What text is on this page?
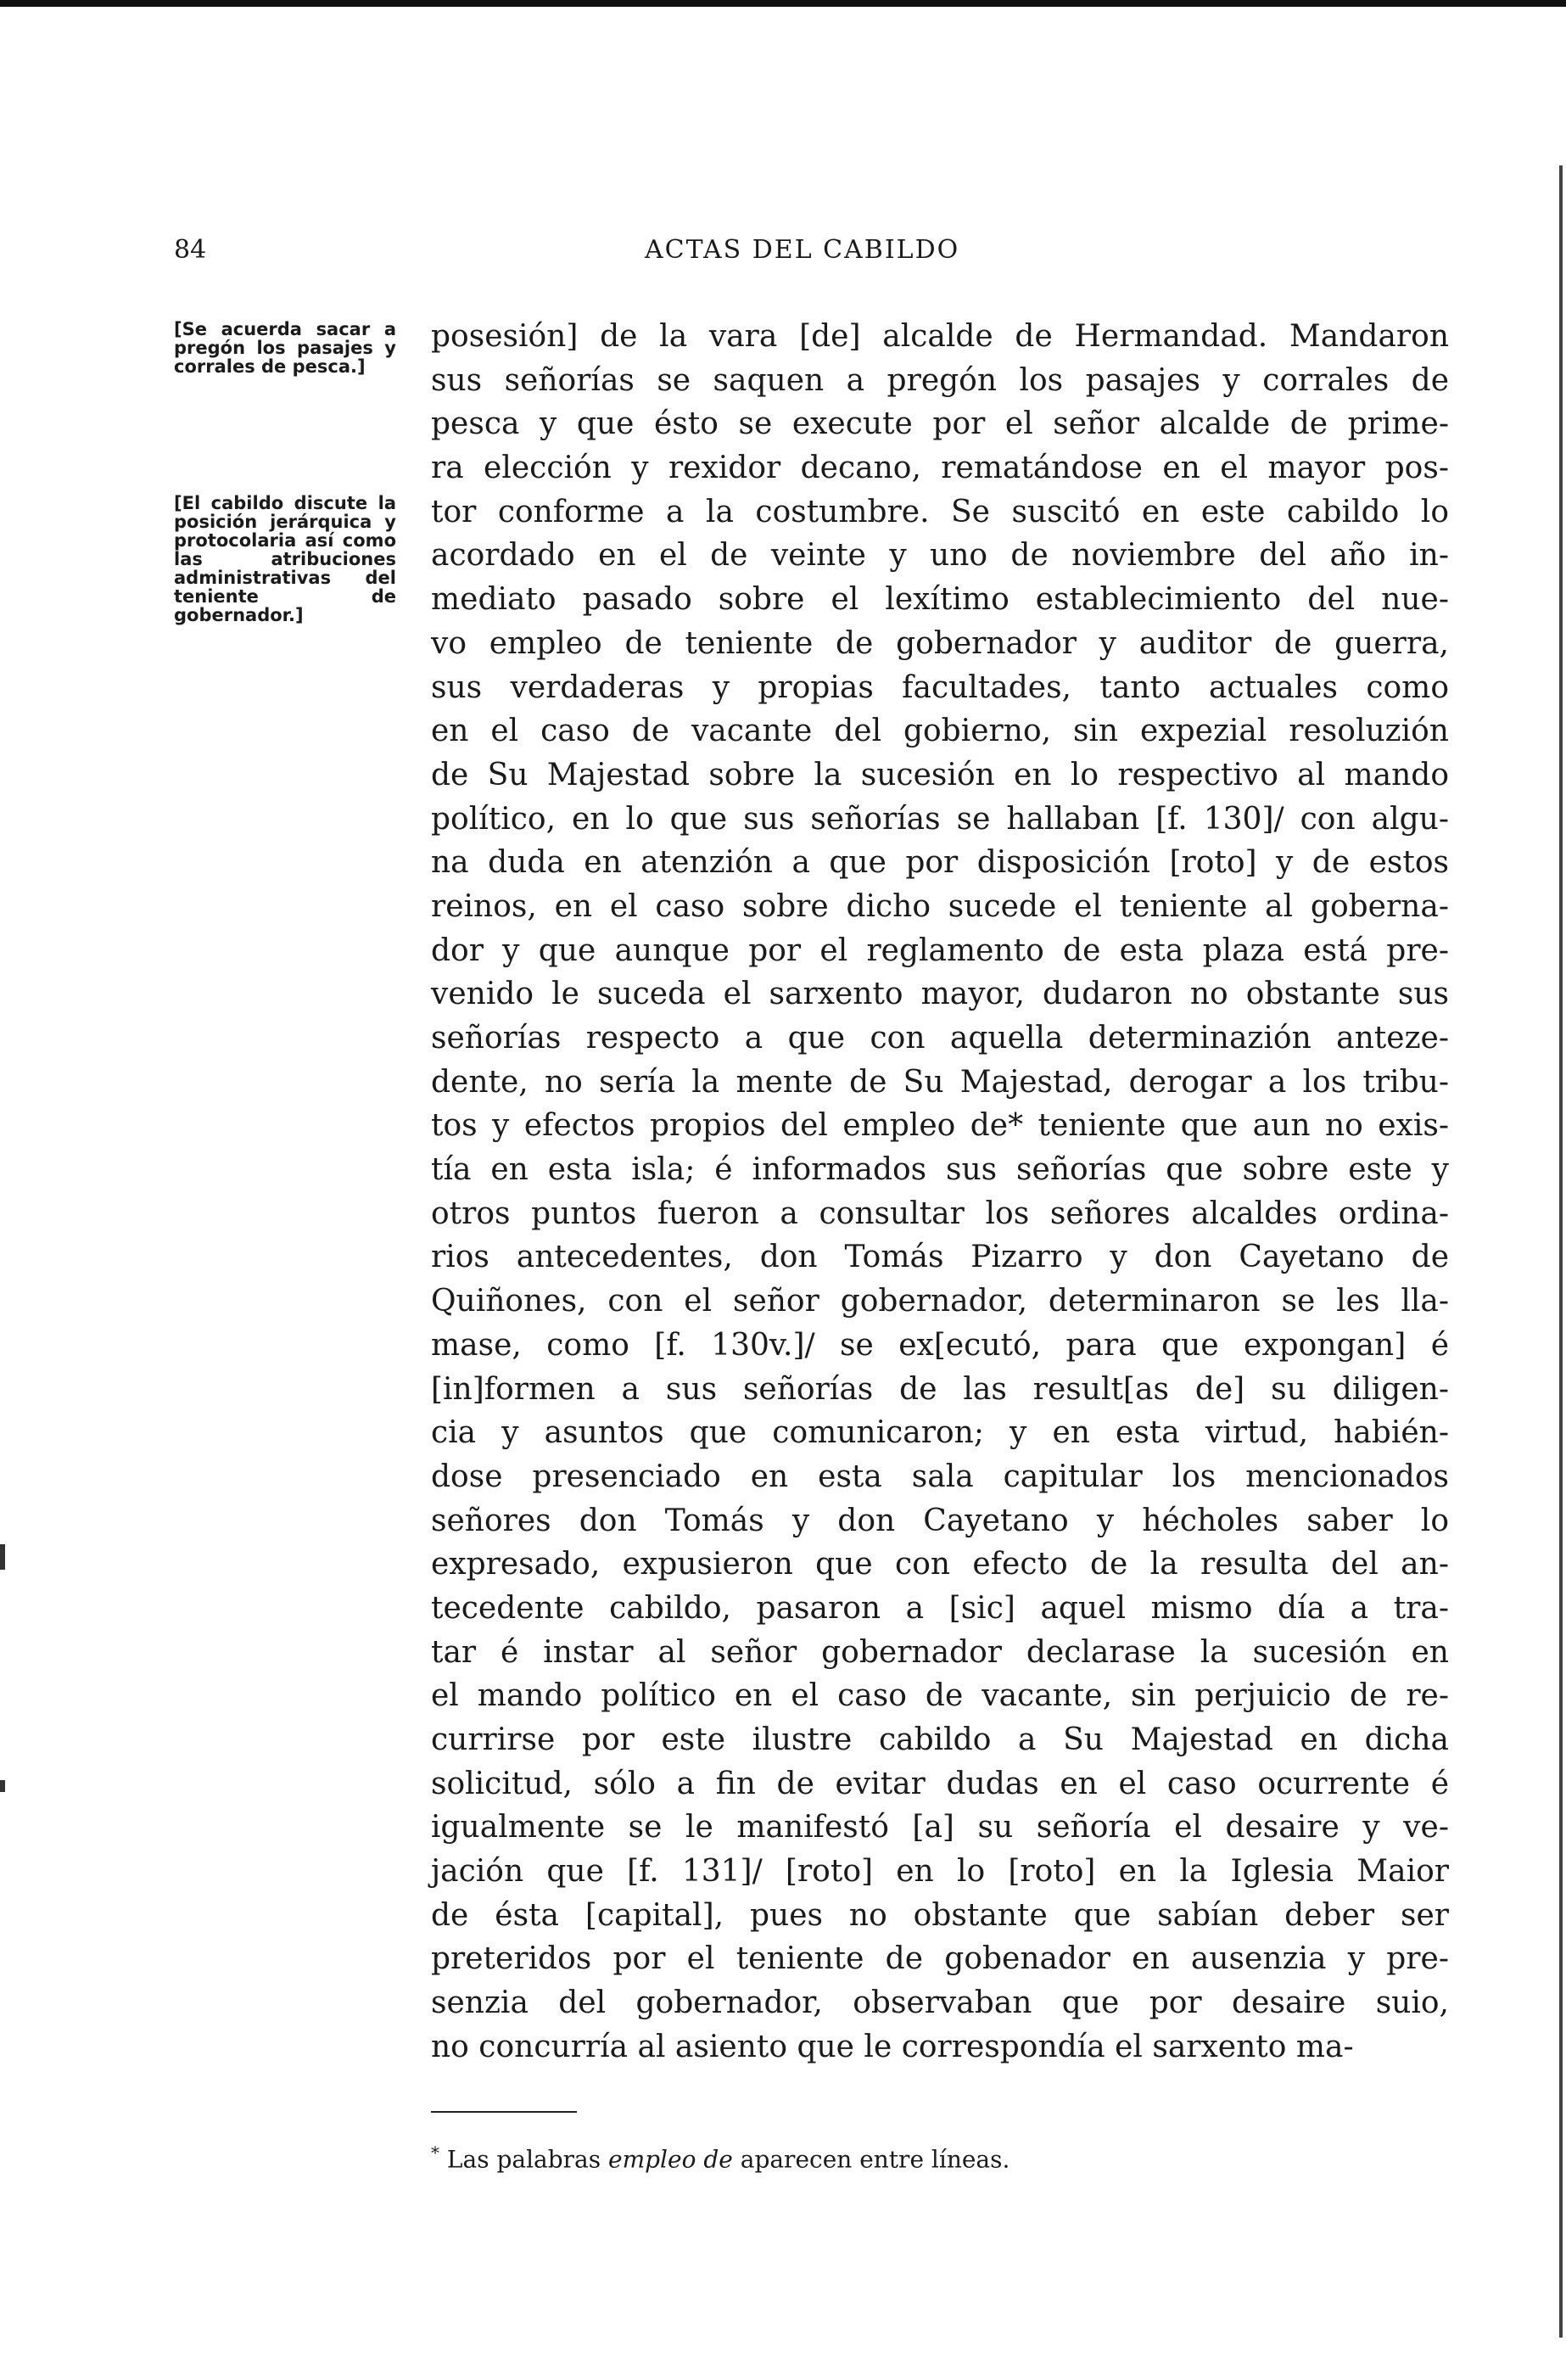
84	ACTAS DEL CABILDO
[Se acuerda sacar a pregón los pasajes y corrales de pesca.]
[El cabildo discute la posición jerárquica y protocolaria así como las atribuciones administrativas del teniente de gobernador.]
posesión] de la vara [de] alcalde de Hermandad. Mandaron
sus señorías se saquen a pregón los pasajes y corrales de
pesca y que ésto se execute por el señor alcalde de prime-
ra elección y rexidor decano, rematándose en el mayor pos-
tor conforme a la costumbre. Se suscitó en este cabildo lo
acordado en el de veinte y uno de noviembre del año in-
mediato pasado sobre el lexítimo establecimiento del nue-
vo empleo de teniente de gobernador y auditor de guerra,
sus verdaderas y propias facultades, tanto actuales como
en el caso de vacante del gobierno, sin expezial resoluzión
de Su Majestad sobre la sucesión en lo respectivo al mando
político, en lo que sus señorías se hallaban [f. 130]/ con algu-
na duda en atenzión a que por disposición [roto] y de estos
reinos, en el caso sobre dicho sucede el teniente al goberna-
dor y que aunque por el reglamento de esta plaza está pre-
venido le suceda el sarxento mayor, dudaron no obstante sus
señorías respecto a que con aquella determinazión anteze-
dente, no sería la mente de Su Majestad, derogar a los tribu-
tos y efectos propios del empleo de* teniente que aun no exis-
tía en esta isla; é informados sus señorías que sobre este y
otros puntos fueron a consultar los señores alcaldes ordina-
rios antecedentes, don Tomás Pizarro y don Cayetano de
Quiñones, con el señor gobernador, determinaron se les lla-
mase, como [f. 130v.]/ se ex[ecutó, para que expongan] é
[in]formen a sus señorías de las result[as de] su diligen-
cia y asuntos que comunicaron; y en esta virtud, habién-
dose presenciado en esta sala capitular los mencionados
señores don Tomás y don Cayetano y hécholes saber lo
expresado, expusieron que con efecto de la resulta del an-
tecedente cabildo, pasaron a [sic] aquel mismo día a tra-
tar é instar al señor gobernador declarase la sucesión en
el mando político en el caso de vacante, sin perjuicio de re-
currirse por este ilustre cabildo a Su Majestad en dicha
solicitud, sólo a fin de evitar dudas en el caso ocurrente é
igualmente se le manifestó [a] su señoría el desaire y ve-
jación que [f. 131]/ [roto] en lo [roto] en la Iglesia Maior
de ésta [capital], pues no obstante que sabían deber ser
preteridos por el teniente de gobenador en ausenzia y pre-
senzia del gobernador, observaban que por desaire suio,
no concurría al asiento que le correspondía el sarxento ma-
* Las palabras empleo de aparecen entre líneas.
